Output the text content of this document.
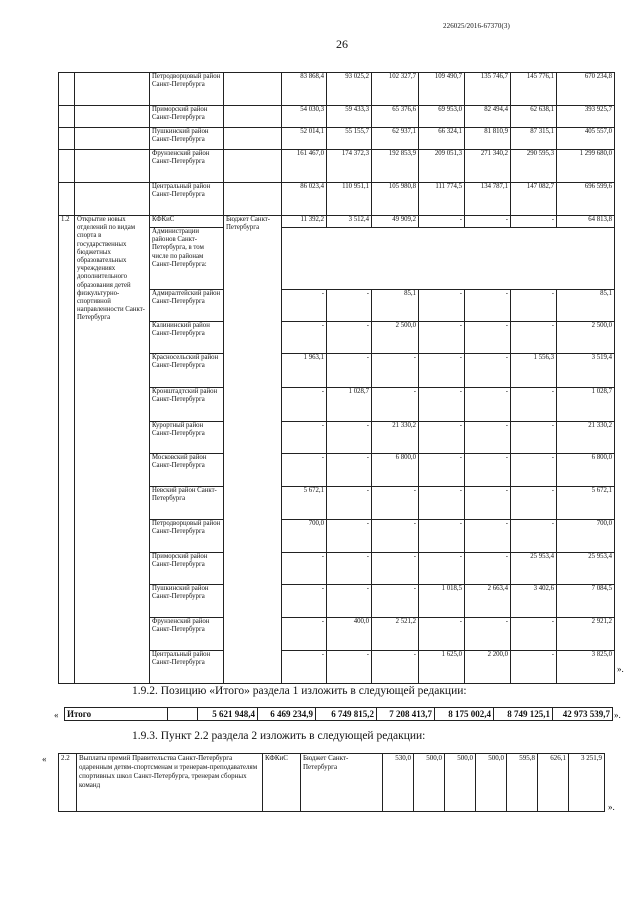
226025/2016-67370(3)
26
		Петродворцовый район Санкт-Петербурга		83 868,4	93 025,2	102 327,7	109 490,7	135 746,7	145 776,1	670 234,8
		Приморский район Санкт-Петербурга		54 030,3	59 433,3	65 376,6	69 953,0	82 494,4	62 638,1	393 925,7
		Пушкинский район Санкт-Петербурга		52 014,1	55 155,7	62 937,1	66 324,1	81 810,9	87 315,1	405 557,0
		Фрунзенский район Санкт-Петербурга		161 467,0	174 372,3	192 853,9	209 051,3	271 340,2	290 595,3	1 299 680,0
		Центральный район Санкт-Петербурга		86 023,4	110 951,1	105 980,8	111 774,5	134 787,1	147 082,7	696 599,6
1.2	Открытие новых отделений по видам спорта в государственных бюджетных образовательных учреждениях дополнительного образования детей физкультурно-спортивной направленности Санкт-Петербурга	КФКиС	Бюджет Санкт-Петербурга	11 392,2	3 512,4	49 909,2	-	-	-	64 813,8
		Администрации районов Санкт-Петербурга, в том числе по районам Санкт-Петербурга:								
		Адмиралтейский район Санкт-Петербурга		-	-	85,1	-	-	-	85,1
		Калининский район Санкт-Петербурга		-	-	2 500,0	-	-	-	2 500,0
		Красносельский район Санкт-Петербурга		1 963,1	-	-	-	-	1 556,3	3 519,4
		Кронштадтский район Санкт-Петербурга		-	1 028,7	-	-	-	-	1 028,7
		Курортный район Санкт-Петербурга		-	-	21 330,2	-	-	-	21 330,2
		Московский район Санкт-Петербурга		-	-	6 800,0	-	-	-	6 800,0
		Невский район Санкт-Петербурга		5 672,1	-	-	-	-	-	5 672,1
		Петродворцовый район Санкт-Петербурга		700,0	-	-	-	-	-	700,0
		Приморский район Санкт-Петербурга		-	-	-	-	-	25 953,4	25 953,4
		Пушкинский район Санкт-Петербурга		-	-	-	1 018,5	2 663,4	3 402,6	7 084,5
		Фрунзенский район Санкт-Петербурга		-	400,0	2 521,2	-	-	-	2 921,2
		Центральный район Санкт-Петербурга		-	-	-	1 625,0	2 200,0	-	3 825,0
».
1.9.2. Позицию «Итого» раздела 1 изложить в следующей редакции:
« Итого		5 621 948,4	6 469 234,9	6 749 815,2	7 208 413,7	8 175 002,4	8 749 125,1	42 973 539,7 ».
1.9.3. Пункт 2.2 раздела 2 изложить в следующей редакции:
« 2.2	Выплаты премий Правительства Санкт-Петербурга одаренным детям-спортсменам и тренерам-преподавателям спортивных школ Санкт-Петербурга, тренерам сборных команд	КФКиС	Бюджет Санкт-Петербурга	530,0	500,0	500,0	500,0	595,8	626,1	3 251,9
».
